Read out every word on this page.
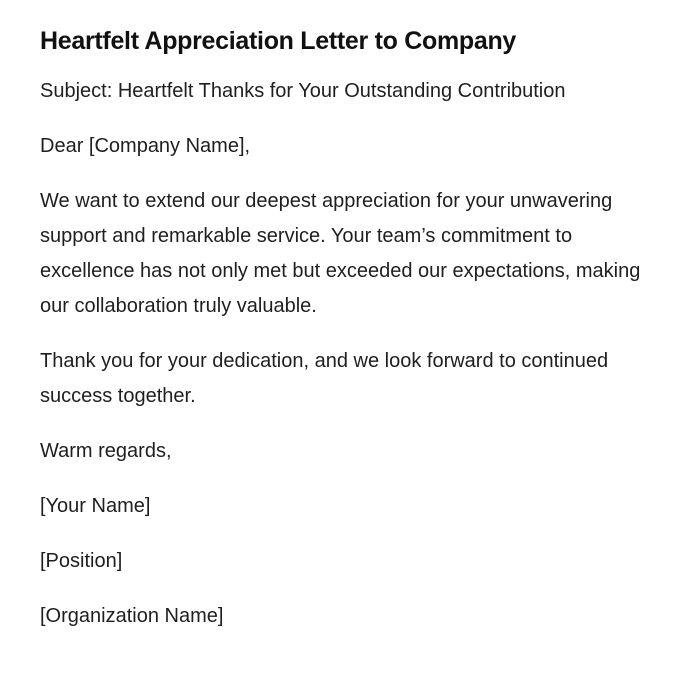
Heartfelt Appreciation Letter to Company

Subject: Heartfelt Thanks for Your Outstanding Contribution

Dear [Company Name],

We want to extend our deepest appreciation for your unwavering support and remarkable service. Your team’s commitment to excellence has not only met but exceeded our expectations, making our collaboration truly valuable.

Thank you for your dedication, and we look forward to continued success together.

Warm regards,

[Your Name]

[Position]

[Organization Name]
